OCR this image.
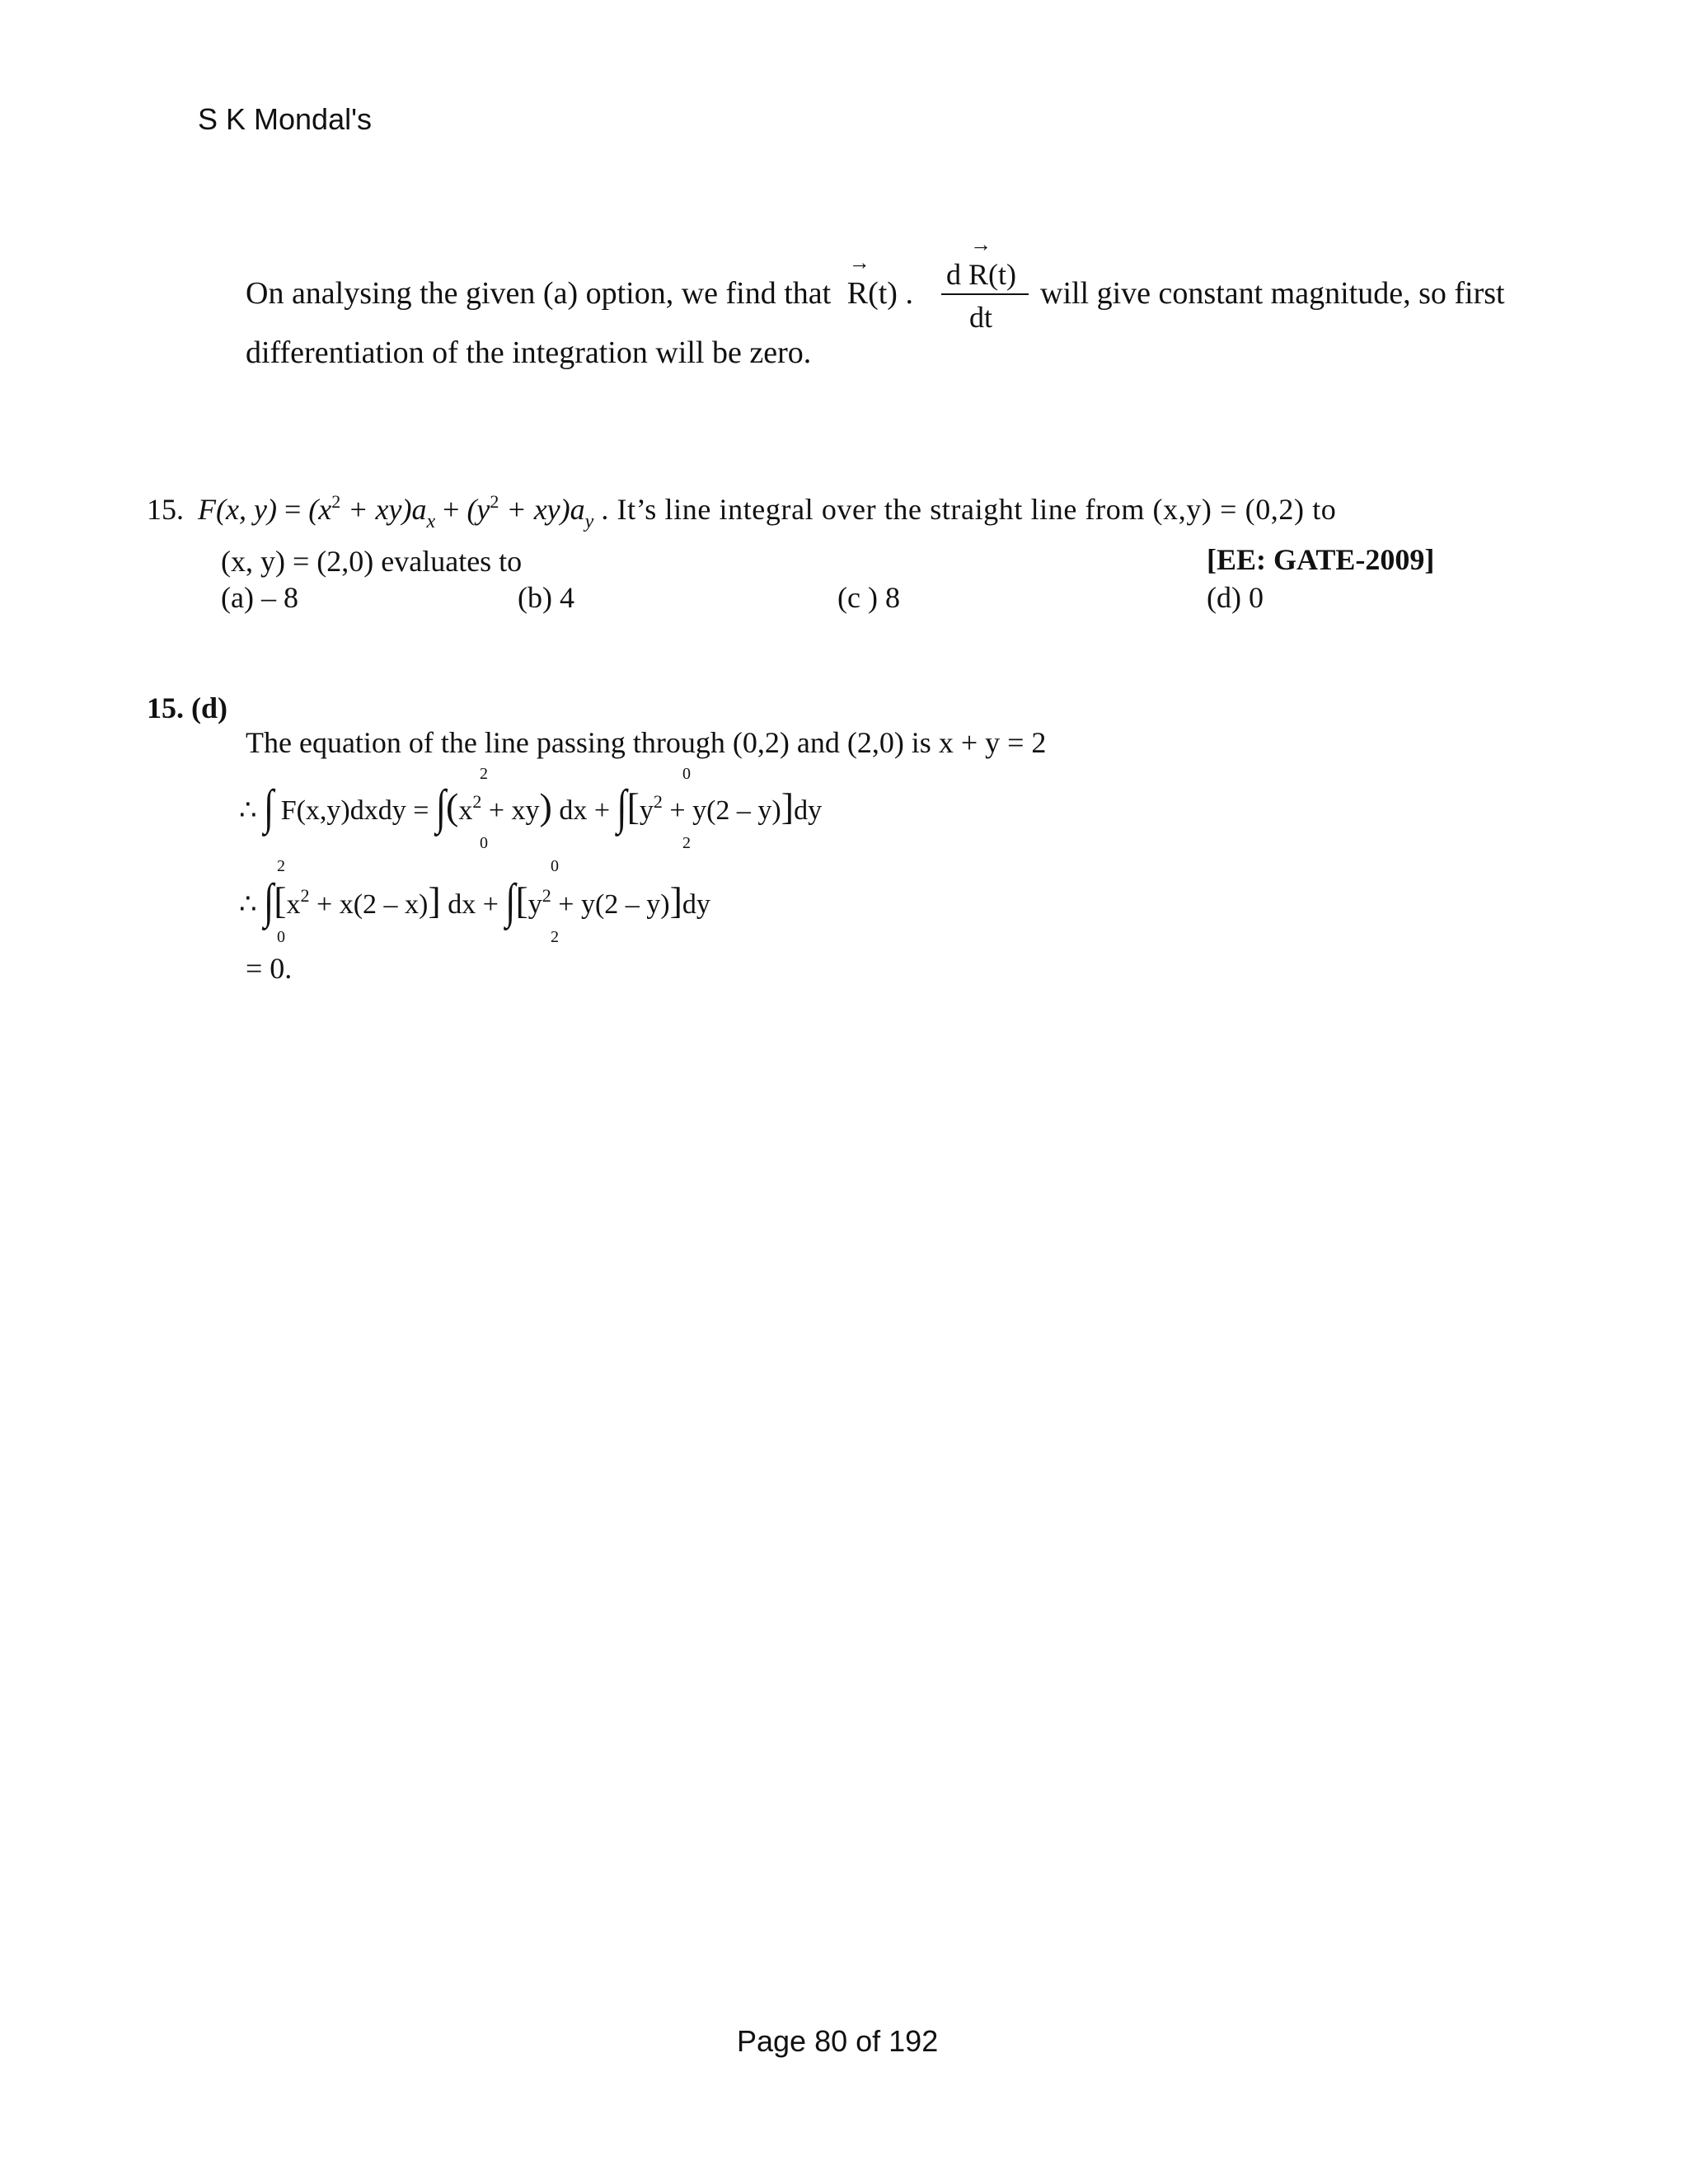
S K Mondal's
On analysing the given (a) option, we find that → R(t) .
d → R(t)
dt
will give constant magnitude, so first
differentiation of the integration will be zero.
15. F(x, $y) = (x^2 + xy)a_x + (y^2 + xy)a_y$ . It’s line integral over the straight line from (x,y) = (0,2) to
(x, y) = (2,0) evaluates to	[EE: GATE-2009]
(a) – 8	(b) 4	(c ) 8	(d) 0
15. (d)
The equation of the line passing through (0,2) and (2,0) is x + y = 2
2	0
∴ ∫ F(x,y)dxdy = $\int(x^2 + xy)$ dx + $\int[y^2 + y(2 - y)]dy$
0	2
2	0
∴ $\int[x^2 + x(2 - x)]$ dx + $\int[y^2 + y(2 - y)]dy$
0	2
= 0.
Page 80 of 192
